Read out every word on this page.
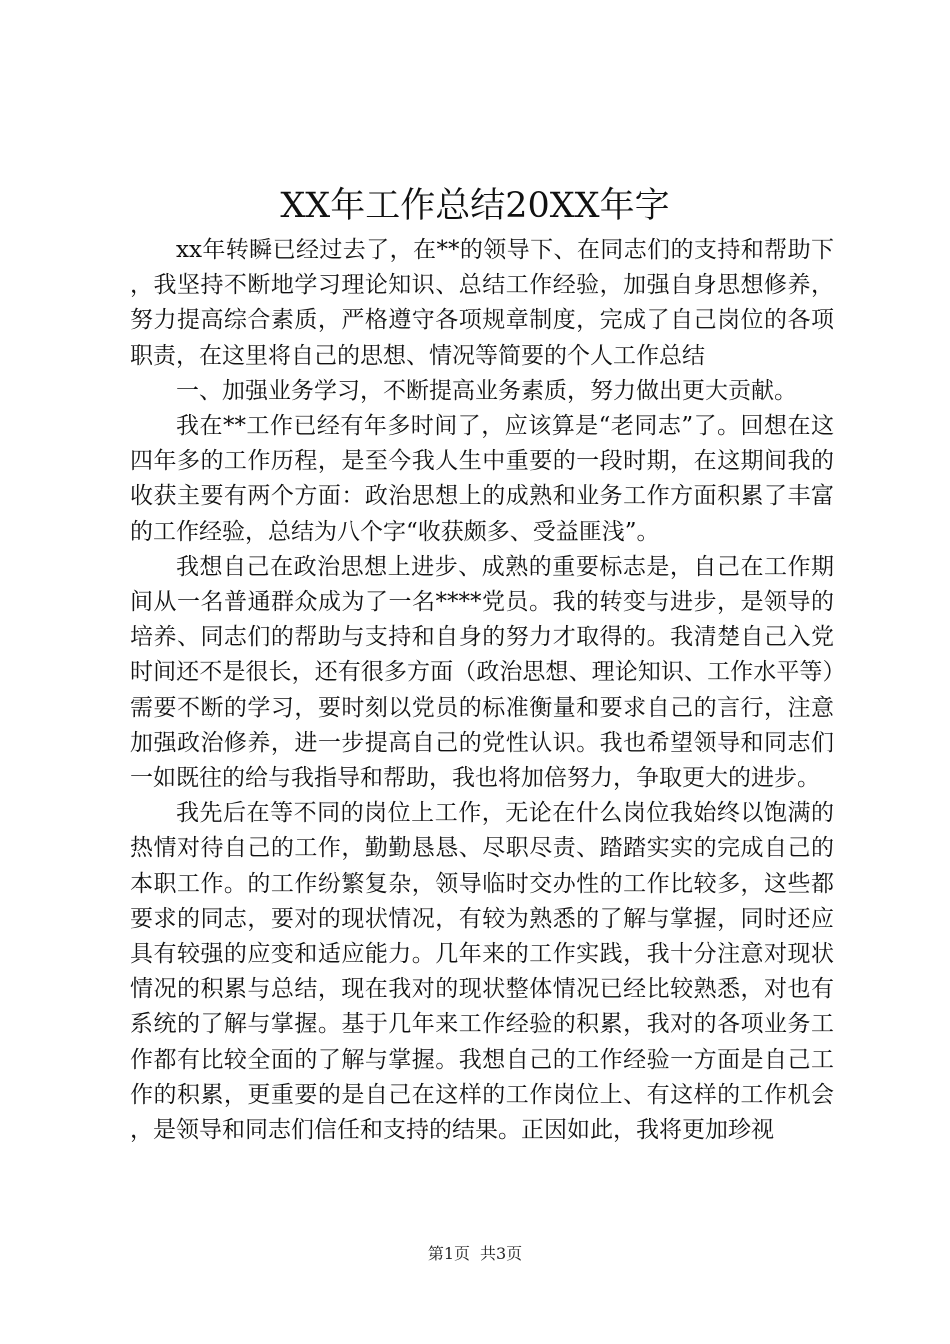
XX年工作总结20XX年字

xx年转瞬已经过去了，在**的领导下、在同志们的支持和帮助下，我坚持不断地学习理论知识、总结工作经验，加强自身思想修养，努力提高综合素质，严格遵守各项规章制度，完成了自己岗位的各项职责，在这里将自己的思想、情况等简要的个人工作总结

一、加强业务学习，不断提高业务素质，努力做出更大贡献。

我在**工作已经有年多时间了，应该算是“老同志”了。回想在这四年多的工作历程，是至今我人生中重要的一段时期，在这期间我的收获主要有两个方面：政治思想上的成熟和业务工作方面积累了丰富的工作经验，总结为八个字“收获颇多、受益匪浅”。

我想自己在政治思想上进步、成熟的重要标志是，自己在工作期间从一名普通群众成为了一名****党员。我的转变与进步，是领导的培养、同志们的帮助与支持和自身的努力才取得的。我清楚自己入党时间还不是很长，还有很多方面（政治思想、理论知识、工作水平等）需要不断的学习，要时刻以党员的标准衡量和要求自己的言行，注意加强政治修养，进一步提高自己的党性认识。我也希望领导和同志们一如既往的给与我指导和帮助，我也将加倍努力，争取更大的进步。

我先后在等不同的岗位上工作，无论在什么岗位我始终以饱满的热情对待自己的工作，勤勤恳恳、尽职尽责、踏踏实实的完成自己的本职工作。的工作纷繁复杂，领导临时交办性的工作比较多，这些都要求的同志，要对的现状情况，有较为熟悉的了解与掌握，同时还应具有较强的应变和适应能力。几年来的工作实践，我十分注意对现状情况的积累与总结，现在我对的现状整体情况已经比较熟悉，对也有系统的了解与掌握。基于几年来工作经验的积累，我对的各项业务工作都有比较全面的了解与掌握。我想自己的工作经验一方面是自己工作的积累，更重要的是自己在这样的工作岗位上、有这样的工作机会，是领导和同志们信任和支持的结果。正因如此，我将更加珍视

第1页 共3页
